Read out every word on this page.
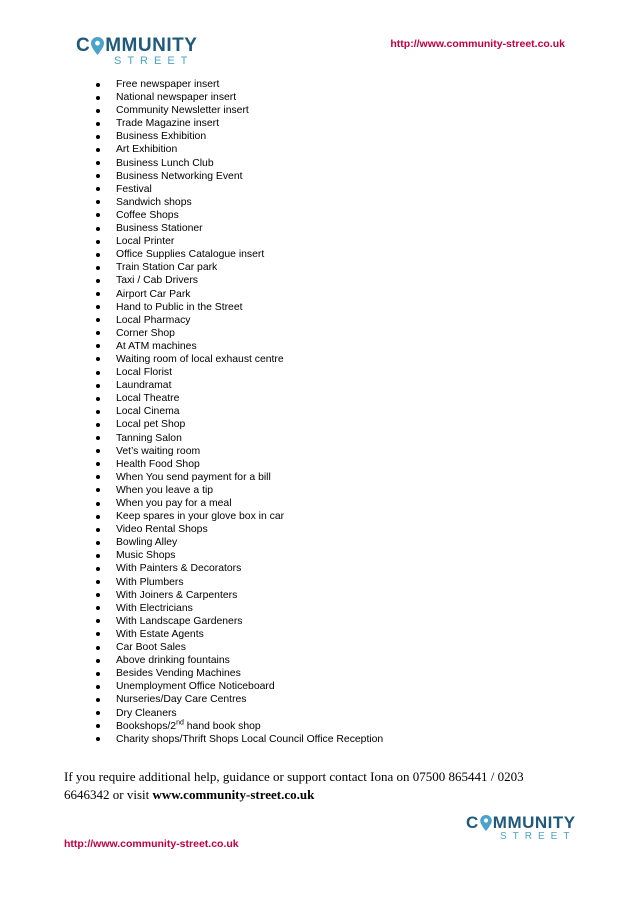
C MMUNITY
STREET
http://www.community-street.co.uk
Free newspaper insert
National newspaper insert
Community Newsletter insert
Trade Magazine insert
Business Exhibition
Art Exhibition
Business Lunch Club
Business Networking Event
Festival
Sandwich shops
Coffee Shops
Business Stationer
Local Printer
Office Supplies Catalogue insert
Train Station Car park
Taxi / Cab Drivers
Airport Car Park
Hand to Public in the Street
Local Pharmacy
Corner Shop
At ATM machines
Waiting room of local exhaust centre
Local Florist
Laundramat
Local Theatre
Local Cinema
Local pet Shop
Tanning Salon
Vet’s waiting room
Health Food Shop
When You send payment for a bill
When you leave a tip
When you pay for a meal
Keep spares in your glove box in car
Video Rental Shops
Bowling Alley
Music Shops
With Painters & Decorators
With Plumbers
With Joiners & Carpenters
With Electricians
With Landscape Gardeners
With Estate Agents
Car Boot Sales
Above drinking fountains
Besides Vending Machines
Unemployment Office Noticeboard
Nurseries/Day Care Centres
Dry Cleaners
Bookshops/2nd hand book shop
Charity shops/Thrift Shops Local Council Office Reception
If you require additional help, guidance or support contact Iona on 07500 865441 / 0203 6646342 or visit www.community-street.co.uk
http://www.community-street.co.uk
C MMUNITY
STREET
